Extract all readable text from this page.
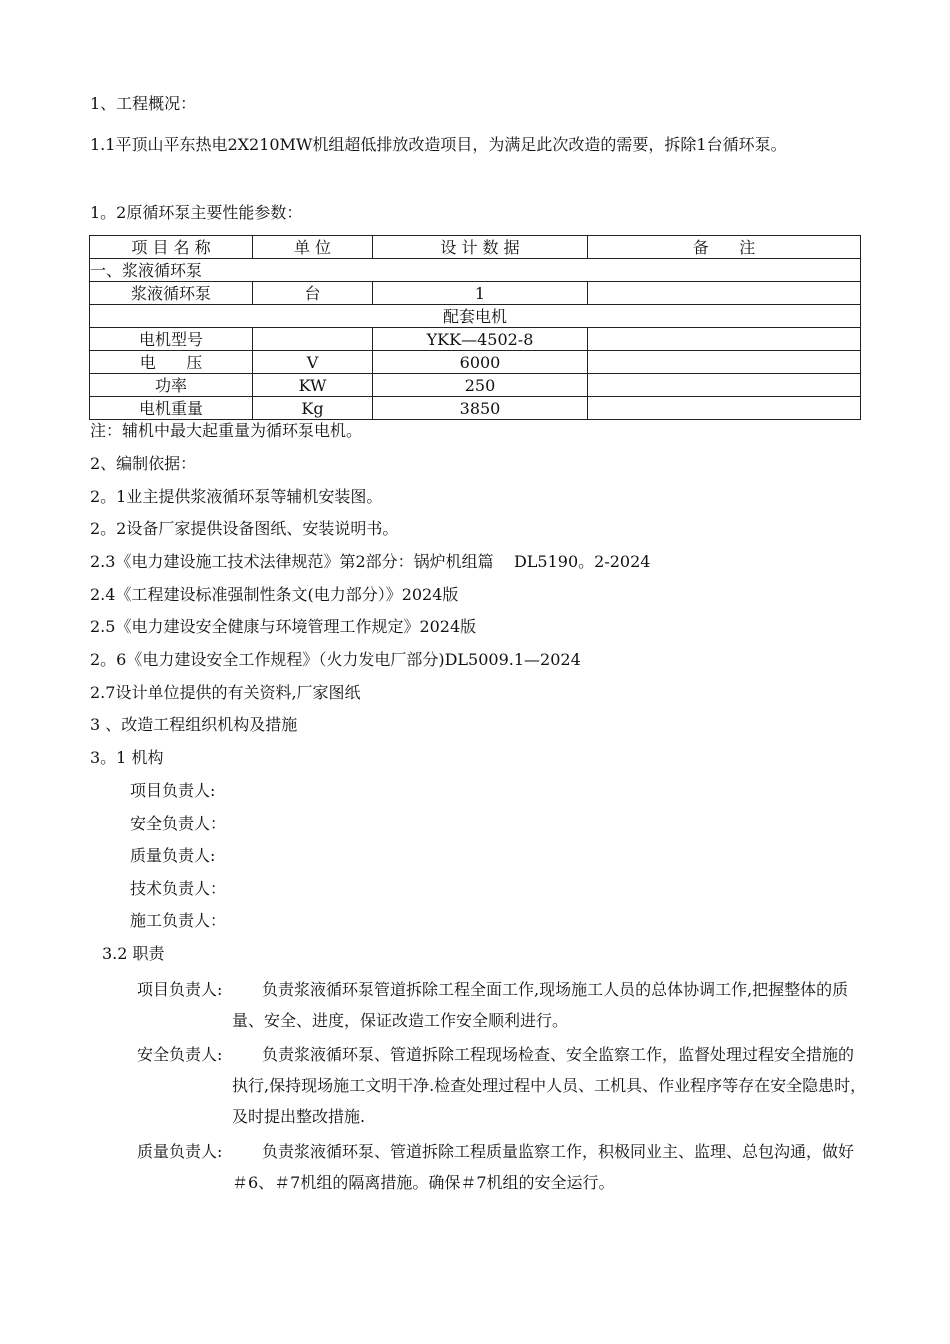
1、工程概况：
1.1平顶山平东热电2X210MW机组超低排放改造项目，为满足此次改造的需要，拆除1台循环泵。
1。2原循环泵主要性能参数：
项 目 名 称	单 位	设 计 数 据	备      注
一、浆液循环泵			
浆液循环泵	台	1	
配套电机			
电机型号		YKK—4502-8	
电      压	V	6000	
功率	KW	250	
电机重量	Kg	3850	
注：辅机中最大起重量为循环泵电机。
2、编制依据：
2。1业主提供浆液循环泵等辅机安装图。
2。2设备厂家提供设备图纸、安装说明书。
2.3《电力建设施工技术法律规范》第2部分：锅炉机组篇    DL5190。2-2024
2.4《工程建设标准强制性条文(电力部分）》2024版
2.5《电力建设安全健康与环境管理工作规定》2024版
2。6《电力建设安全工作规程》（火力发电厂部分)DL5009.1—2024
2.7设计单位提供的有关资料,厂家图纸
3 、改造工程组织机构及措施
3。1 机构
项目负责人:
安全负责人：
质量负责人:
技术负责人：
施工负责人：
3.2 职责
项目负责人:	负责浆液循环泵管道拆除工程全面工作,现场施工人员的总体协调工作,把握整体的质量、安全、进度，保证改造工作安全顺利进行。
安全负责人:	负责浆液循环泵、管道拆除工程现场检查、安全监察工作，监督处理过程安全措施的执行,保持现场施工文明干净.检查处理过程中人员、工机具、作业程序等存在安全隐患时，及时提出整改措施.
质量负责人:	负责浆液循环泵、管道拆除工程质量监察工作，积极同业主、监理、总包沟通，做好＃6、＃7机组的隔离措施。确保＃7机组的安全运行。
